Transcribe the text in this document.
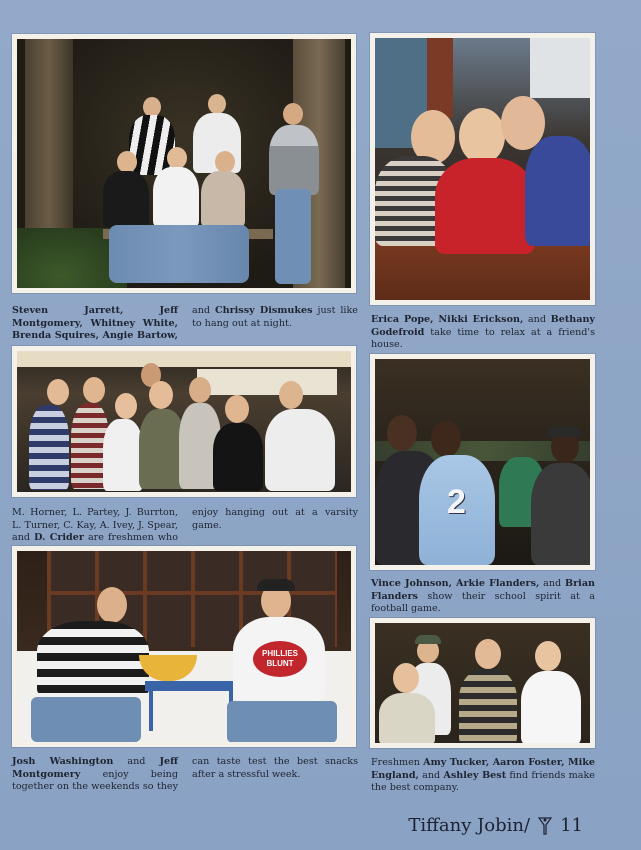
Steven Jarrett, Jeff Montgomery, Whitney White, Brenda Squires, Angie Bartow, and Chrissy Dismukes just like to hang out at night.	Erica Pope, Nikki Erickson, and Bethany Godefroid take time to relax at a friend's house.
M. Horner, L. Partey, J. Burrton, L. Turner, C. Kay, A. Ivey, J. Spear, and D. Crider are freshmen who enjoy hanging out at a varsity game.
2
Vince Johnson, Arkie Flanders, and Brian Flanders show their school spirit at a football game.
PHILLIES BLUNT
Josh Washington and Jeff Montgomery enjoy being together on the weekends so they can taste test the best snacks after a stressful week.
Freshmen Amy Tucker, Aaron Foster, Mike England, and Ashley Best find friends make the best company.
Tiffany Jobin/ 11
